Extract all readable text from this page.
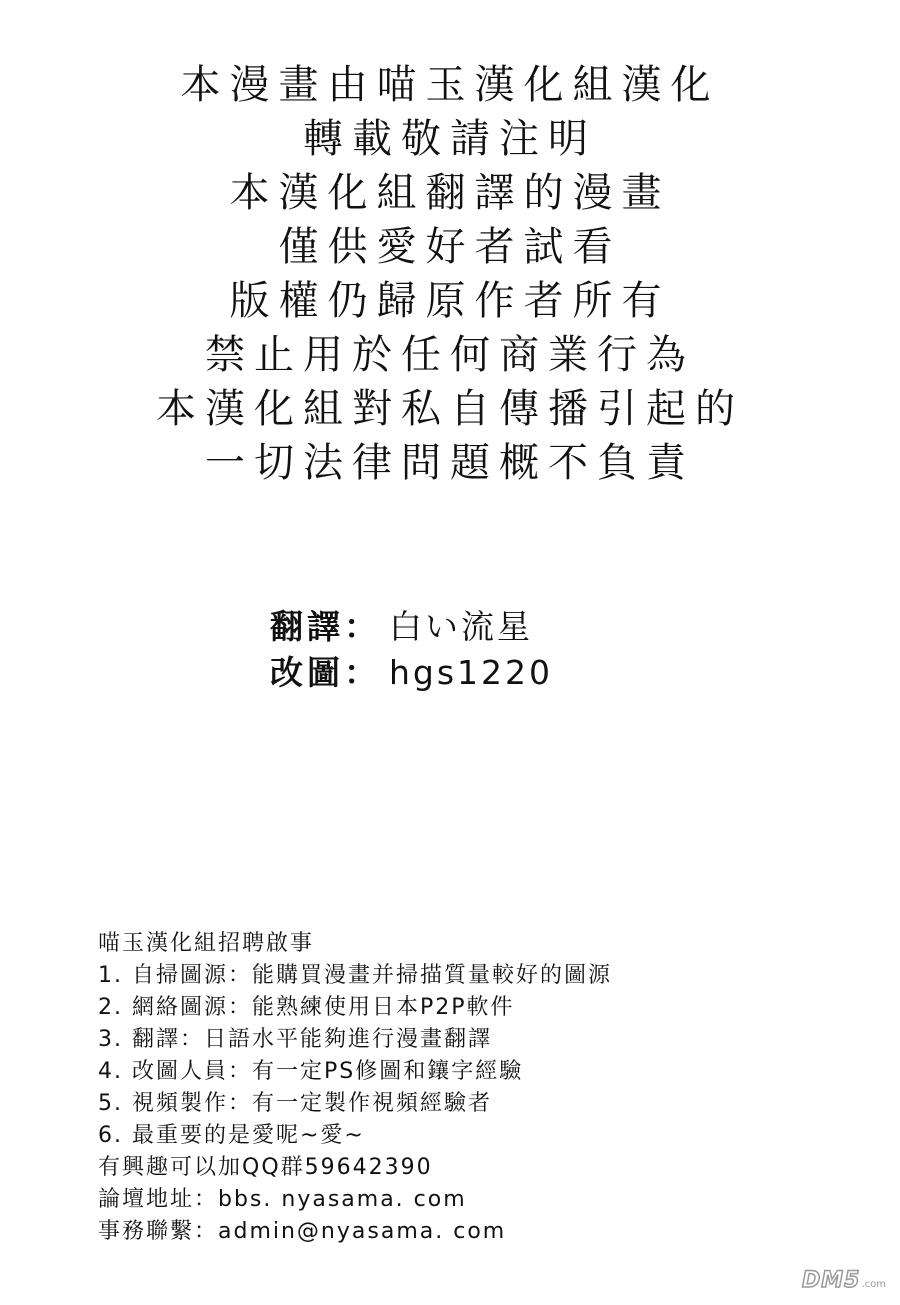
本漫畫由喵玉漢化組漢化
轉載敬請注明
本漢化組翻譯的漫畫
僅供愛好者試看
版權仍歸原作者所有
禁止用於任何商業行為
本漢化組對私自傳播引起的
一切法律問題概不負責
翻譯： 白い流星
改圖： hgs1220
喵玉漢化組招聘啟事
1. 自掃圖源：能購買漫畫并掃描質量較好的圖源
2. 網絡圖源：能熟練使用日本P2P軟件
3. 翻譯：日語水平能夠進行漫畫翻譯
4. 改圖人員：有一定PS修圖和鑲字經驗
5. 視頻製作：有一定製作視頻經驗者
6. 最重要的是愛呢~愛~
有興趣可以加QQ群59642390
論壇地址：bbs. nyasama. com
事務聯繫：admin@nyasama. com
DM5 .com
